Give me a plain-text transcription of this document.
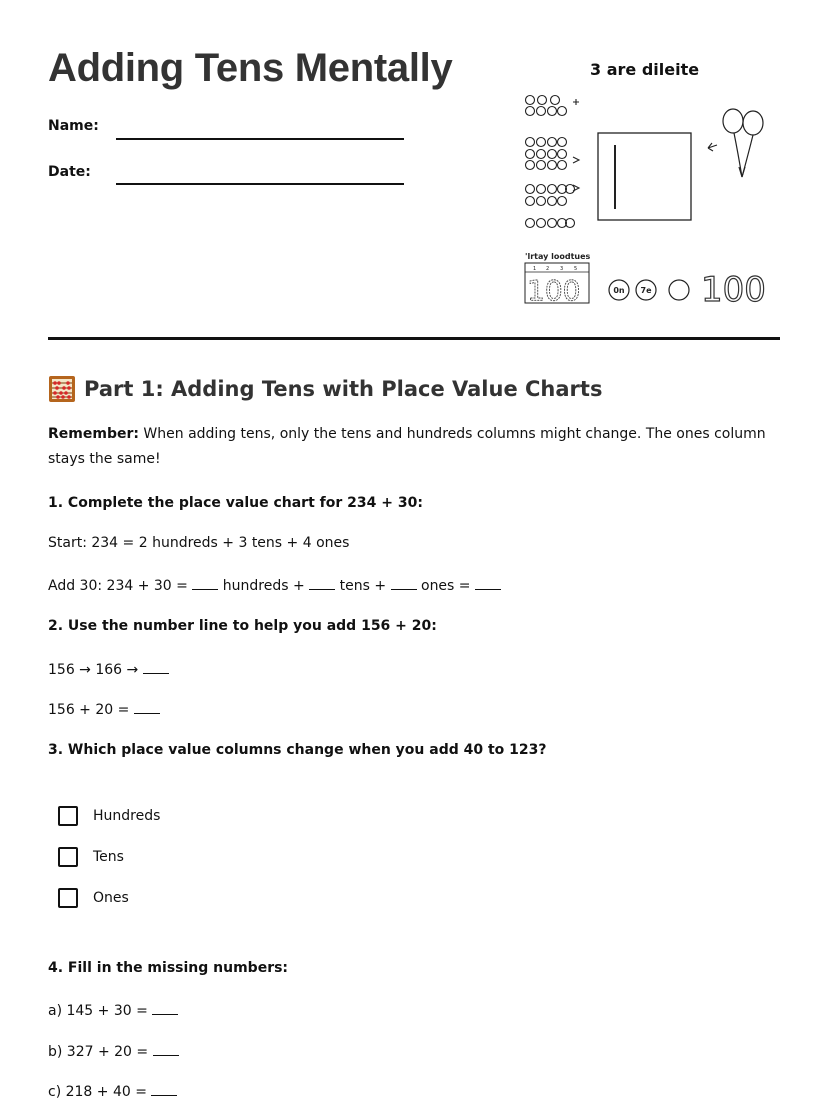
Adding Tens Mentally
Name:
Date:
3 are dileite
'lrtay loodtues
1 2 3 5
100	0n 7e 100
Part 1: Adding Tens with Place Value Charts
Remember: When adding tens, only the tens and hundreds columns might change. The ones column stays the same!
1. Complete the place value chart for 234 + 30:
Start: 234 = 2 hundreds + 3 tens + 4 ones
Add 30: 234 + 30 =  hundreds +  tens +  ones =
2. Use the number line to help you add 156 + 20:
156 → 166 →
156 + 20 =
3. Which place value columns change when you add 40 to 123?
Hundreds
Tens
Ones
4. Fill in the missing numbers:
a) 145 + 30 =
b) 327 + 20 =
c) 218 + 40 =
